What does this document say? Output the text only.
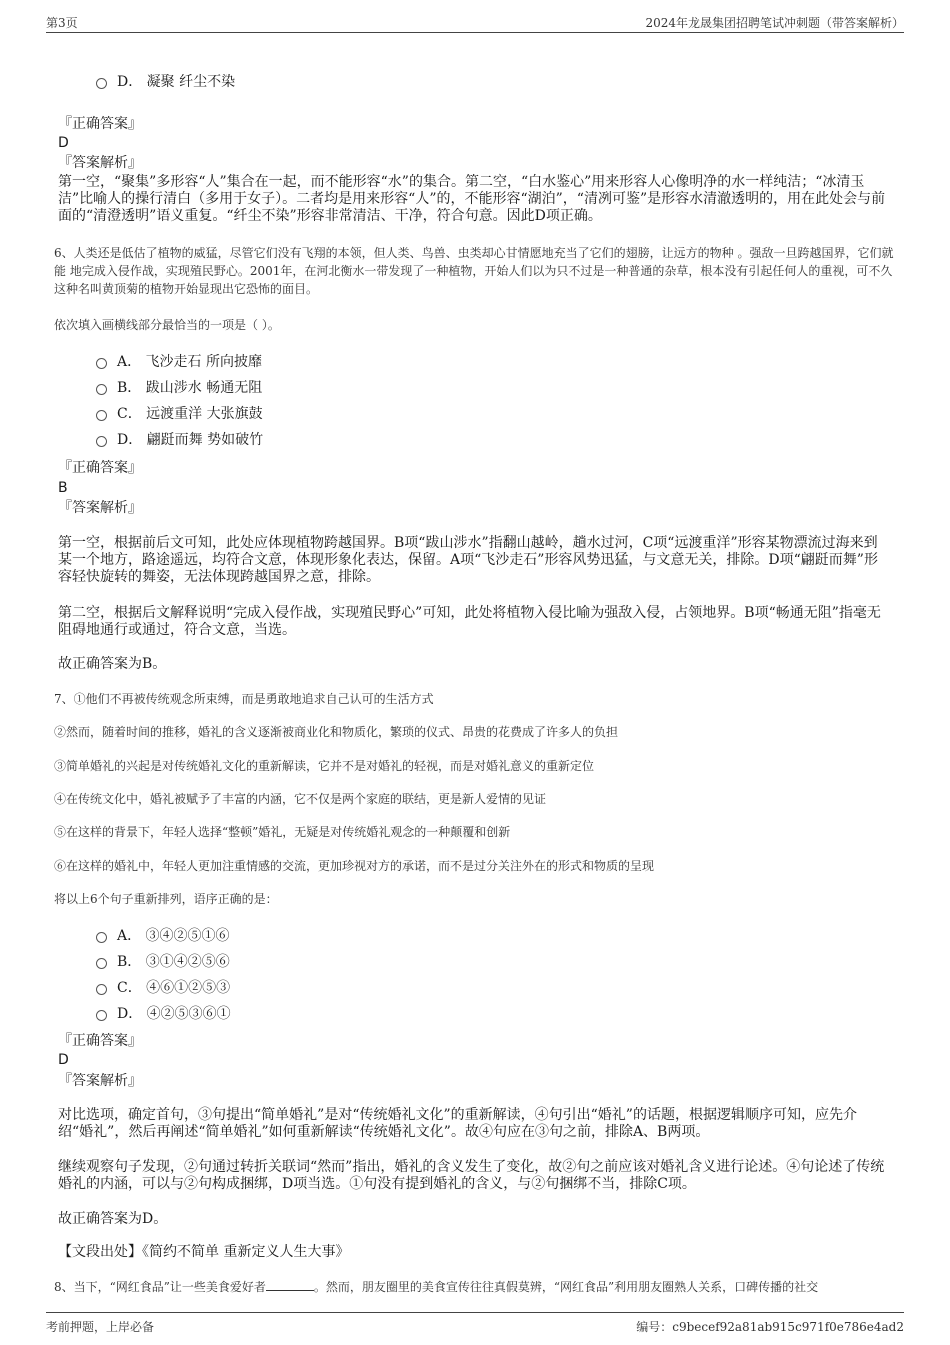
第3页	2024年龙晟集团招聘笔试冲刺题（带答案解析）
D． 凝聚 纤尘不染
『正确答案』
D
『答案解析』
第一空，“聚集”多形容“人”集合在一起，而不能形容“水”的集合。第二空，“白水鉴心”用来形容人心像明净的水一样纯洁；“冰清玉洁”比喻人的操行清白（多用于女子）。二者均是用来形容“人”的，不能形容“湖泊”，“清冽可鉴”是形容水清澈透明的，用在此处会与前面的“清澄透明”语义重复。“纤尘不染”形容非常清洁、干净，符合句意。因此D项正确。
6、人类还是低估了植物的威猛，尽管它们没有飞翔的本领，但人类、鸟兽、虫类却心甘情愿地充当了它们的翅膀，让远方的物种 。强敌一旦跨越国界，它们就能 地完成入侵作战，实现殖民野心。2001年，在河北衡水一带发现了一种植物，开始人们以为只不过是一种普通的杂草，根本没有引起任何人的重视，可不久这种名叫黄顶菊的植物开始显现出它恐怖的面目。
依次填入画横线部分最恰当的一项是（ ）。
A． 飞沙走石 所向披靡
B． 跋山涉水 畅通无阻
C． 远渡重洋 大张旗鼓
D． 翩跹而舞 势如破竹
『正确答案』
B
『答案解析』
第一空，根据前后文可知，此处应体现植物跨越国界。B项“跋山涉水”指翻山越岭，趟水过河，C项“远渡重洋”形容某物漂流过海来到某一个地方，路途遥远，均符合文意，体现形象化表达，保留。A项“飞沙走石”形容风势迅猛，与文意无关，排除。D项“翩跹而舞”形容轻快旋转的舞姿，无法体现跨越国界之意，排除。
第二空，根据后文解释说明“完成入侵作战，实现殖民野心”可知，此处将植物入侵比喻为强敌入侵，占领地界。B项“畅通无阻”指毫无阻碍地通行或通过，符合文意，当选。
故正确答案为B。
7、①他们不再被传统观念所束缚，而是勇敢地追求自己认可的生活方式
②然而，随着时间的推移，婚礼的含义逐渐被商业化和物质化，繁琐的仪式、昂贵的花费成了许多人的负担
③简单婚礼的兴起是对传统婚礼文化的重新解读，它并不是对婚礼的轻视，而是对婚礼意义的重新定位
④在传统文化中，婚礼被赋予了丰富的内涵，它不仅是两个家庭的联结，更是新人爱情的见证
⑤在这样的背景下，年轻人选择“整顿”婚礼，无疑是对传统婚礼观念的一种颠覆和创新
⑥在这样的婚礼中，年轻人更加注重情感的交流，更加珍视对方的承诺，而不是过分关注外在的形式和物质的呈现
将以上6个句子重新排列，语序正确的是：
A． ③④②⑤①⑥
B． ③①④②⑤⑥
C． ④⑥①②⑤③
D． ④②⑤③⑥①
『正确答案』
D
『答案解析』
对比选项，确定首句，③句提出“简单婚礼”是对“传统婚礼文化”的重新解读，④句引出“婚礼”的话题，根据逻辑顺序可知，应先介绍“婚礼”，然后再阐述“简单婚礼”如何重新解读“传统婚礼文化”。故④句应在③句之前，排除A、B两项。
继续观察句子发现，②句通过转折关联词“然而”指出，婚礼的含义发生了变化，故②句之前应该对婚礼含义进行论述。④句论述了传统婚礼的内涵，可以与②句构成捆绑，D项当选。①句没有提到婚礼的含义，与②句捆绑不当，排除C项。
故正确答案为D。
【文段出处】《简约不简单 重新定义人生大事》
8、当下，“网红食品”让一些美食爱好者	。然而，朋友圈里的美食宣传往往真假莫辨，“网红食品”利用朋友圈熟人关系，口碑传播的社交
考前押题，上岸必备	编号：c9becef92a81ab915c971f0e786e4ad2
